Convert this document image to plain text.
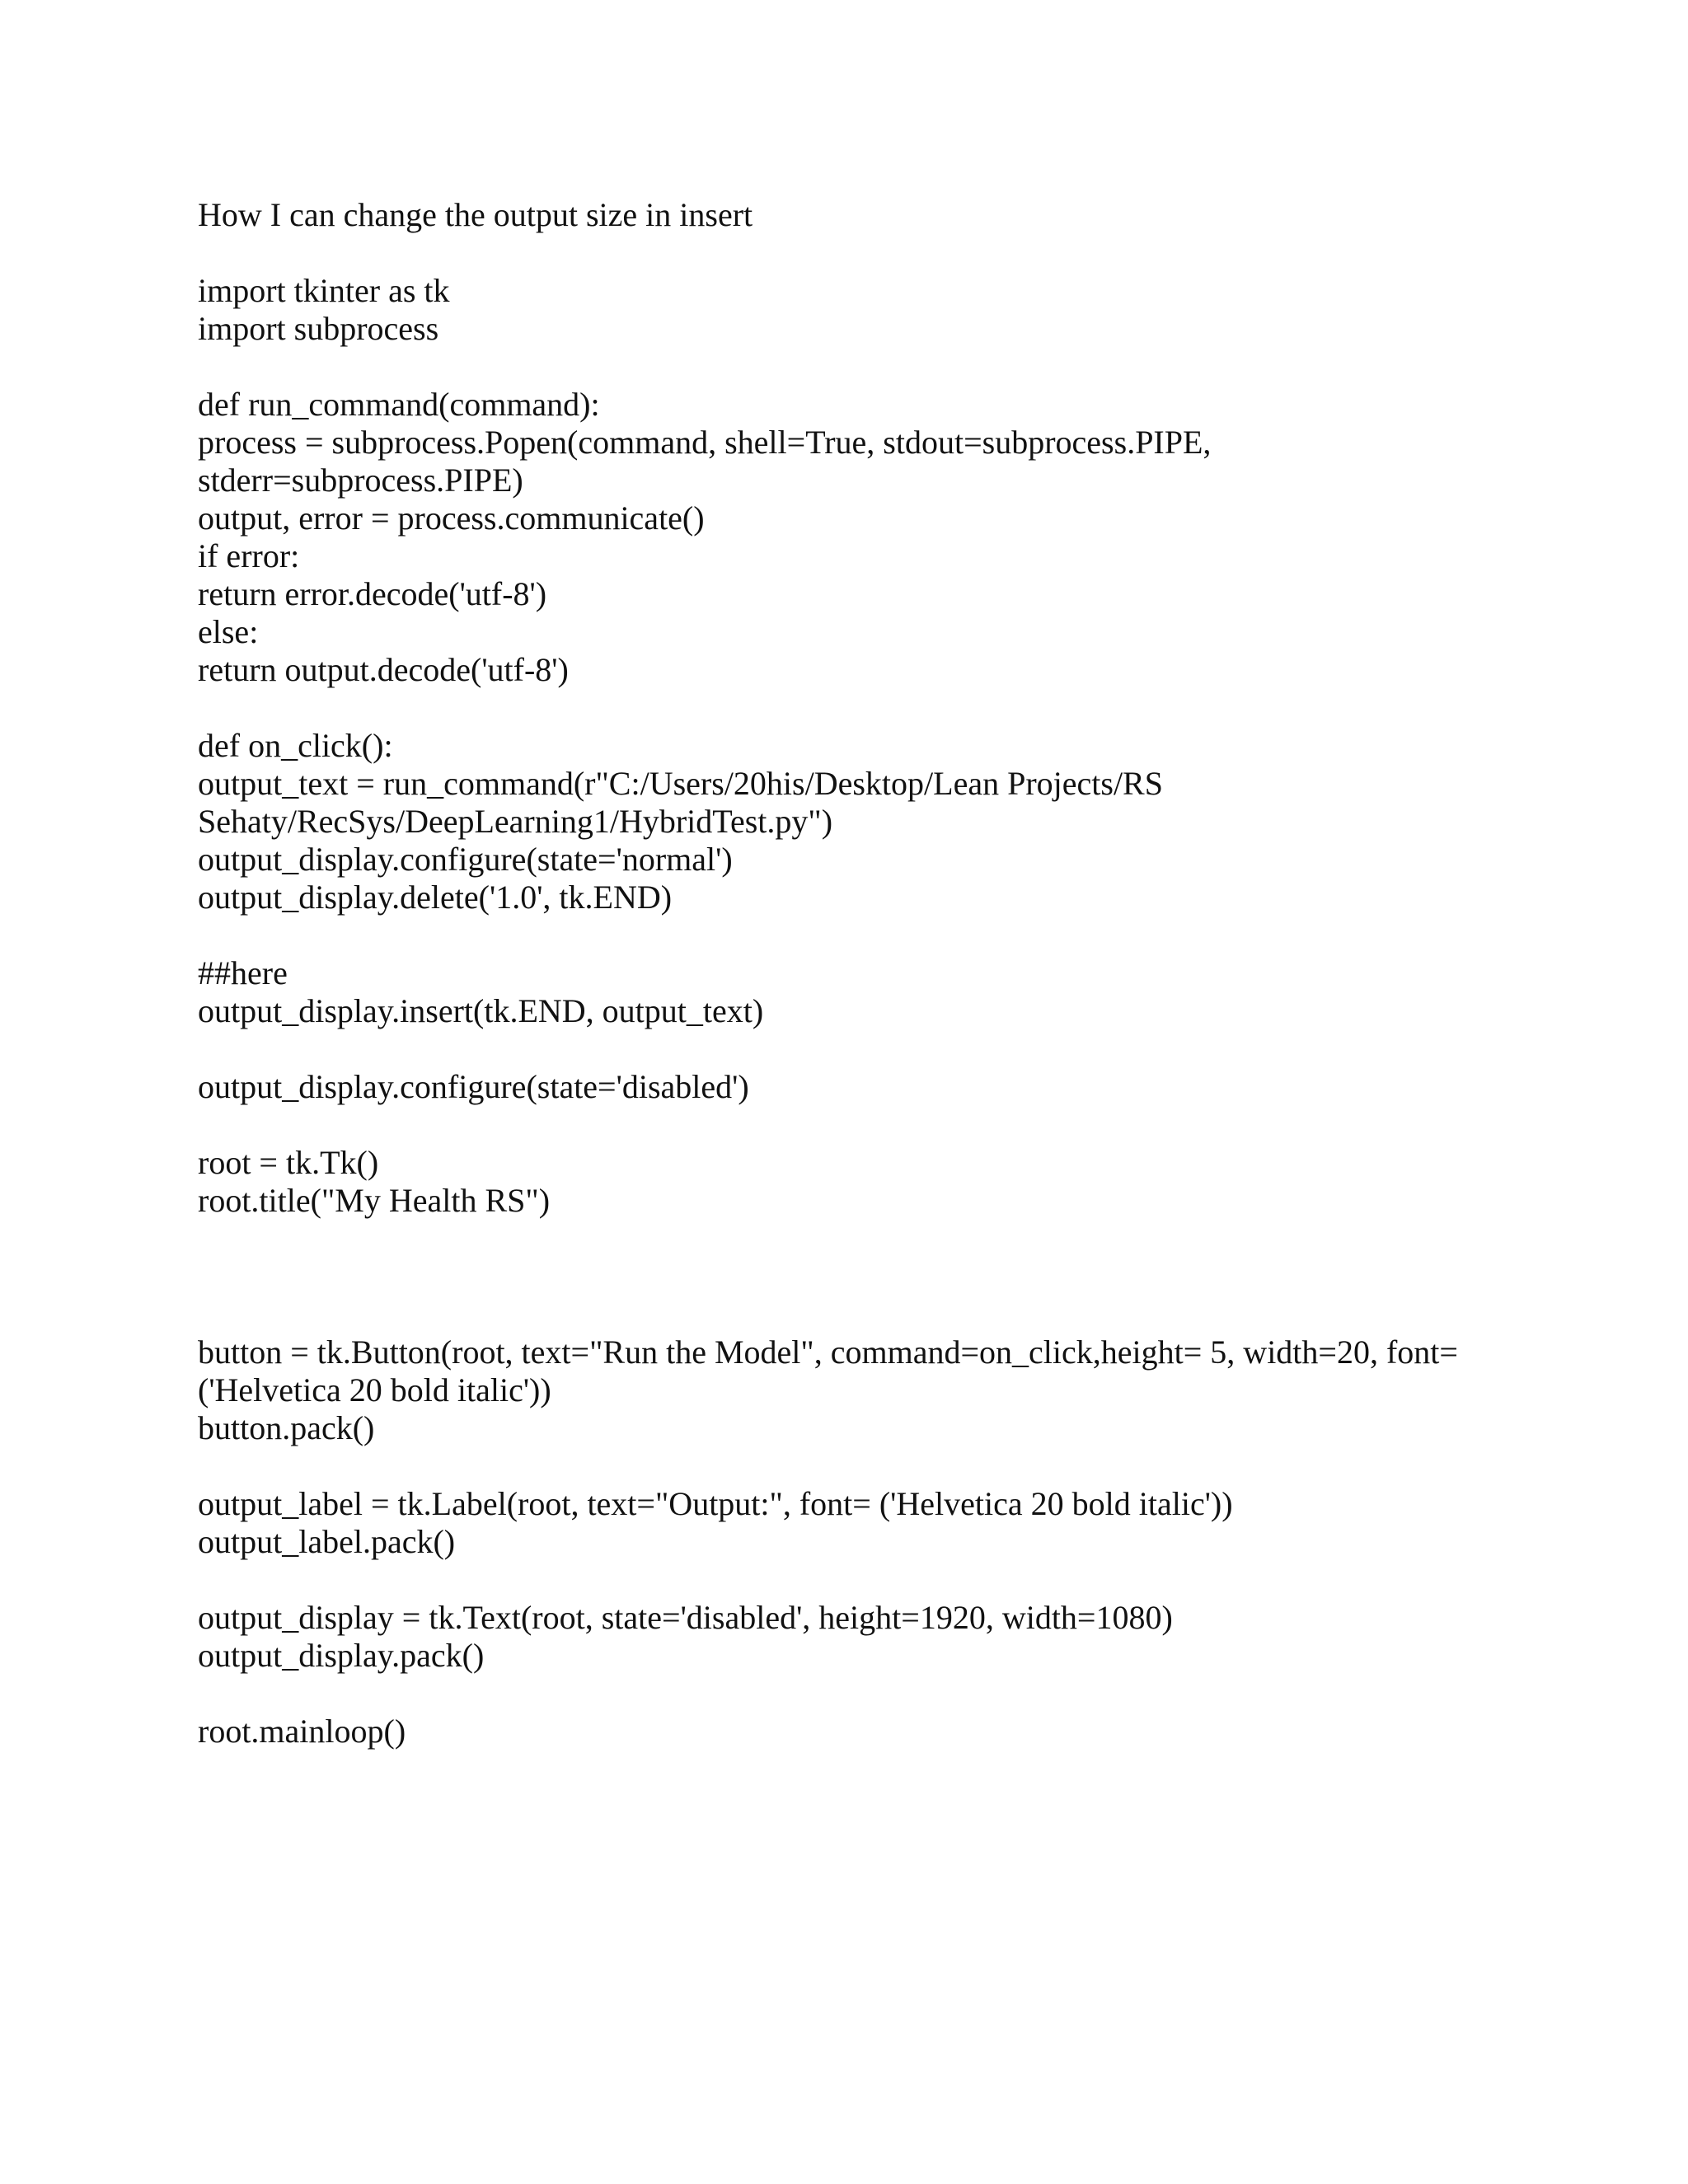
How I can change the output size in insert
import tkinter as tk
import subprocess
def run_command(command):
process = subprocess.Popen(command, shell=True, stdout=subprocess.PIPE,
stderr=subprocess.PIPE)
output, error = process.communicate()
if error:
return error.decode('utf-8')
else:
return output.decode('utf-8')
def on_click():
output_text = run_command(r"C:/Users/20his/Desktop/Lean Projects/RS
Sehaty/RecSys/DeepLearning1/HybridTest.py")
output_display.configure(state='normal')
output_display.delete('1.0', tk.END)
##here
output_display.insert(tk.END, output_text)
output_display.configure(state='disabled')
root = tk.Tk()
root.title("My Health RS")
button = tk.Button(root, text="Run the Model", command=on_click,height= 5, width=20, font=
('Helvetica 20 bold italic'))
button.pack()
output_label = tk.Label(root, text="Output:", font= ('Helvetica 20 bold italic'))
output_label.pack()
output_display = tk.Text(root, state='disabled', height=1920, width=1080)
output_display.pack()
root.mainloop()
